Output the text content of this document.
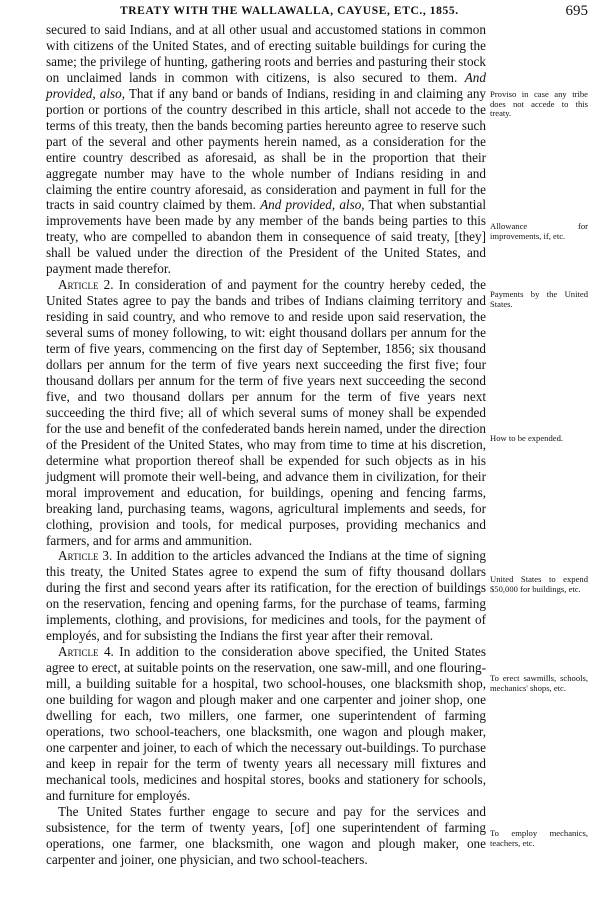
TREATY WITH THE WALLAWALLA, CAYUSE, ETC., 1855.	695

secured to said Indians, and at all other usual and accustomed stations in common with citizens of the United States, and of erecting suitable buildings for curing the same; the privilege of hunting, gathering roots and berries and pasturing their stock on unclaimed lands in common with citizens, is also secured to them. And provided, also, That if any band or bands of Indians, residing in and claiming any portion or portions of the country described in this article, shall not accede to the terms of this treaty, then the bands becoming parties hereunto agree to reserve such part of the several and other payments herein named, as a consideration for the entire country described as aforesaid, as shall be in the proportion that their aggregate number may have to the whole number of Indians residing in and claiming the entire country aforesaid, as consideration and payment in full for the tracts in said country claimed by them. And provided, also, That when substantial improvements have been made by any member of the bands being parties to this treaty, who are compelled to abandon them in consequence of said treaty, [they] shall be valued under the direction of the President of the United States, and payment made therefor.

Article 2. In consideration of and payment for the country hereby ceded, the United States agree to pay the bands and tribes of Indians claiming territory and residing in said country, and who remove to and reside upon said reservation, the several sums of money following, to wit: eight thousand dollars per annum for the term of five years, commencing on the first day of September, 1856; six thousand dollars per annum for the term of five years next succeeding the first five; four thousand dollars per annum for the term of five years next succeeding the second five, and two thousand dollars per annum for the term of five years next succeeding the third five; all of which several sums of money shall be expended for the use and benefit of the confederated bands herein named, under the direction of the President of the United States, who may from time to time at his discretion, determine what proportion thereof shall be expended for such objects as in his judgment will promote their well-being, and advance them in civilization, for their moral improvement and education, for buildings, opening and fencing farms, breaking land, purchasing teams, wagons, agricultural implements and seeds, for clothing, provision and tools, for medical purposes, providing mechanics and farmers, and for arms and ammunition.

Article 3. In addition to the articles advanced the Indians at the time of signing this treaty, the United States agree to expend the sum of fifty thousand dollars during the first and second years after its ratification, for the erection of buildings on the reservation, fencing and opening farms, for the purchase of teams, farming implements, clothing, and provisions, for medicines and tools, for the payment of employés, and for subsisting the Indians the first year after their removal.

Article 4. In addition to the consideration above specified, the United States agree to erect, at suitable points on the reservation, one saw-mill, and one flouring-mill, a building suitable for a hospital, two school-houses, one blacksmith shop, one building for wagon and plough maker and one carpenter and joiner shop, one dwelling for each, two millers, one farmer, one superintendent of farming operations, two school-teachers, one blacksmith, one wagon and plough maker, one carpenter and joiner, to each of which the necessary out-buildings. To purchase and keep in repair for the term of twenty years all necessary mill fixtures and mechanical tools, medicines and hospital stores, books and stationery for schools, and furniture for employés.

The United States further engage to secure and pay for the services and subsistence, for the term of twenty years, [of] one superintendent of farming operations, one farmer, one blacksmith, one wagon and plough maker, one carpenter and joiner, one physician, and two school-teachers.

Proviso in case any tribe does not accede to this treaty.
Allowance for improvements, if, etc.
Payments by the United States.
How to be expended.
United States to expend $50,000 for buildings, etc.
To erect sawmills, schools, mechanics' shops, etc.
To employ mechanics, teachers, etc.
